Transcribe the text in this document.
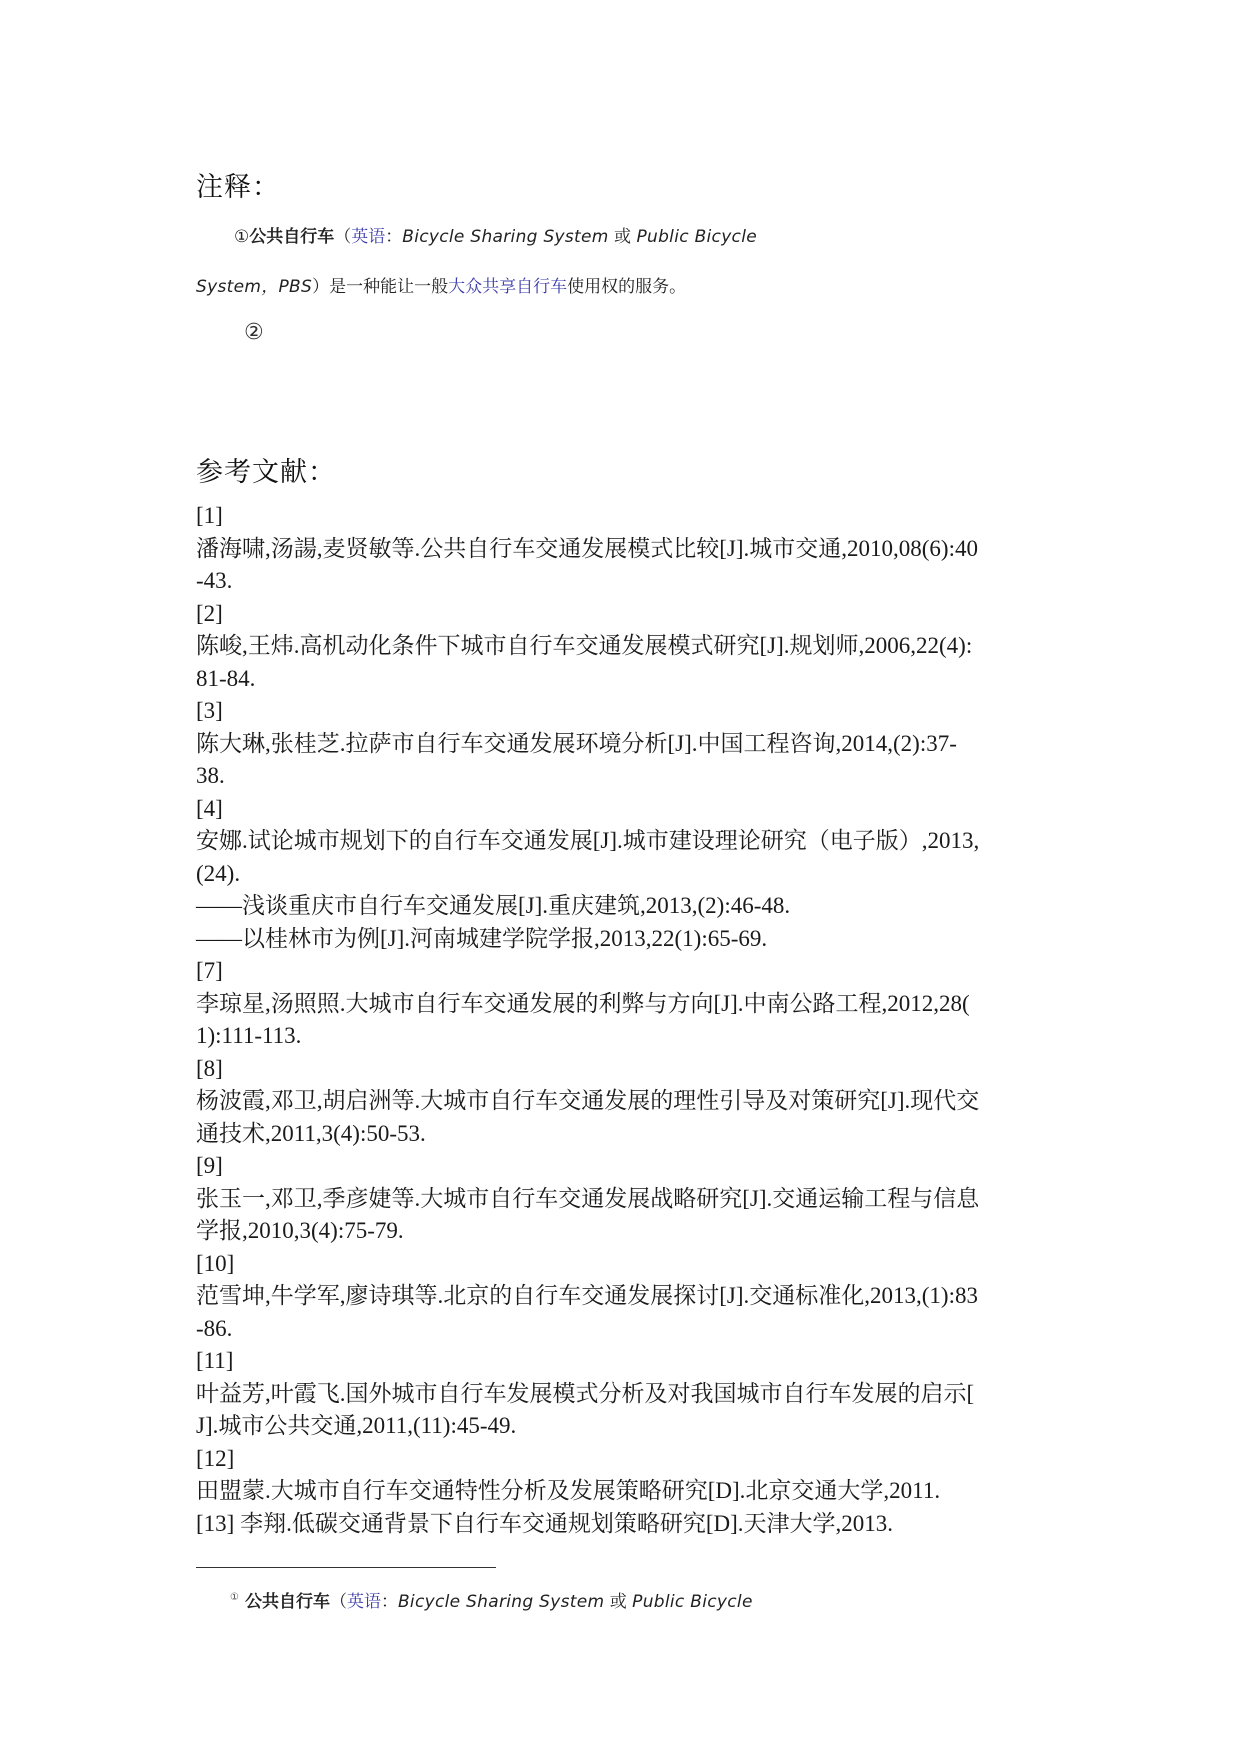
注释：
①公共自行车（英语：Bicycle Sharing System 或 Public Bicycle
System，PBS）是一种能让一般大众共享自行车使用权的服务。
②
参考文献：
[1]
潘海啸,汤諹,麦贤敏等.公共自行车交通发展模式比较[J].城市交通,2010,08(6):40
-43.
[2]
陈峻,王炜.高机动化条件下城市自行车交通发展模式研究[J].规划师,2006,22(4):
81-84.
[3]
陈大琳,张桂芝.拉萨市自行车交通发展环境分析[J].中国工程咨询,2014,(2):37-
38.
[4]
安娜.试论城市规划下的自行车交通发展[J].城市建设理论研究（电子版）,2013,
(24).
——浅谈重庆市自行车交通发展[J].重庆建筑,2013,(2):46-48.
——以桂林市为例[J].河南城建学院学报,2013,22(1):65-69.
[7]
李琼星,汤照照.大城市自行车交通发展的利弊与方向[J].中南公路工程,2012,28(
1):111-113.
[8]
杨波霞,邓卫,胡启洲等.大城市自行车交通发展的理性引导及对策研究[J].现代交
通技术,2011,3(4):50-53.
[9]
张玉一,邓卫,季彦婕等.大城市自行车交通发展战略研究[J].交通运输工程与信息
学报,2010,3(4):75-79.
[10]
范雪坤,牛学军,廖诗琪等.北京的自行车交通发展探讨[J].交通标准化,2013,(1):83
-86.
[11]
叶益芳,叶霞飞.国外城市自行车发展模式分析及对我国城市自行车发展的启示[
J].城市公共交通,2011,(11):45-49.
[12]
田盟蒙.大城市自行车交通特性分析及发展策略研究[D].北京交通大学,2011.
[13] 李翔.低碳交通背景下自行车交通规划策略研究[D].天津大学,2013.
① 公共自行车（英语：Bicycle Sharing System 或 Public Bicycle
